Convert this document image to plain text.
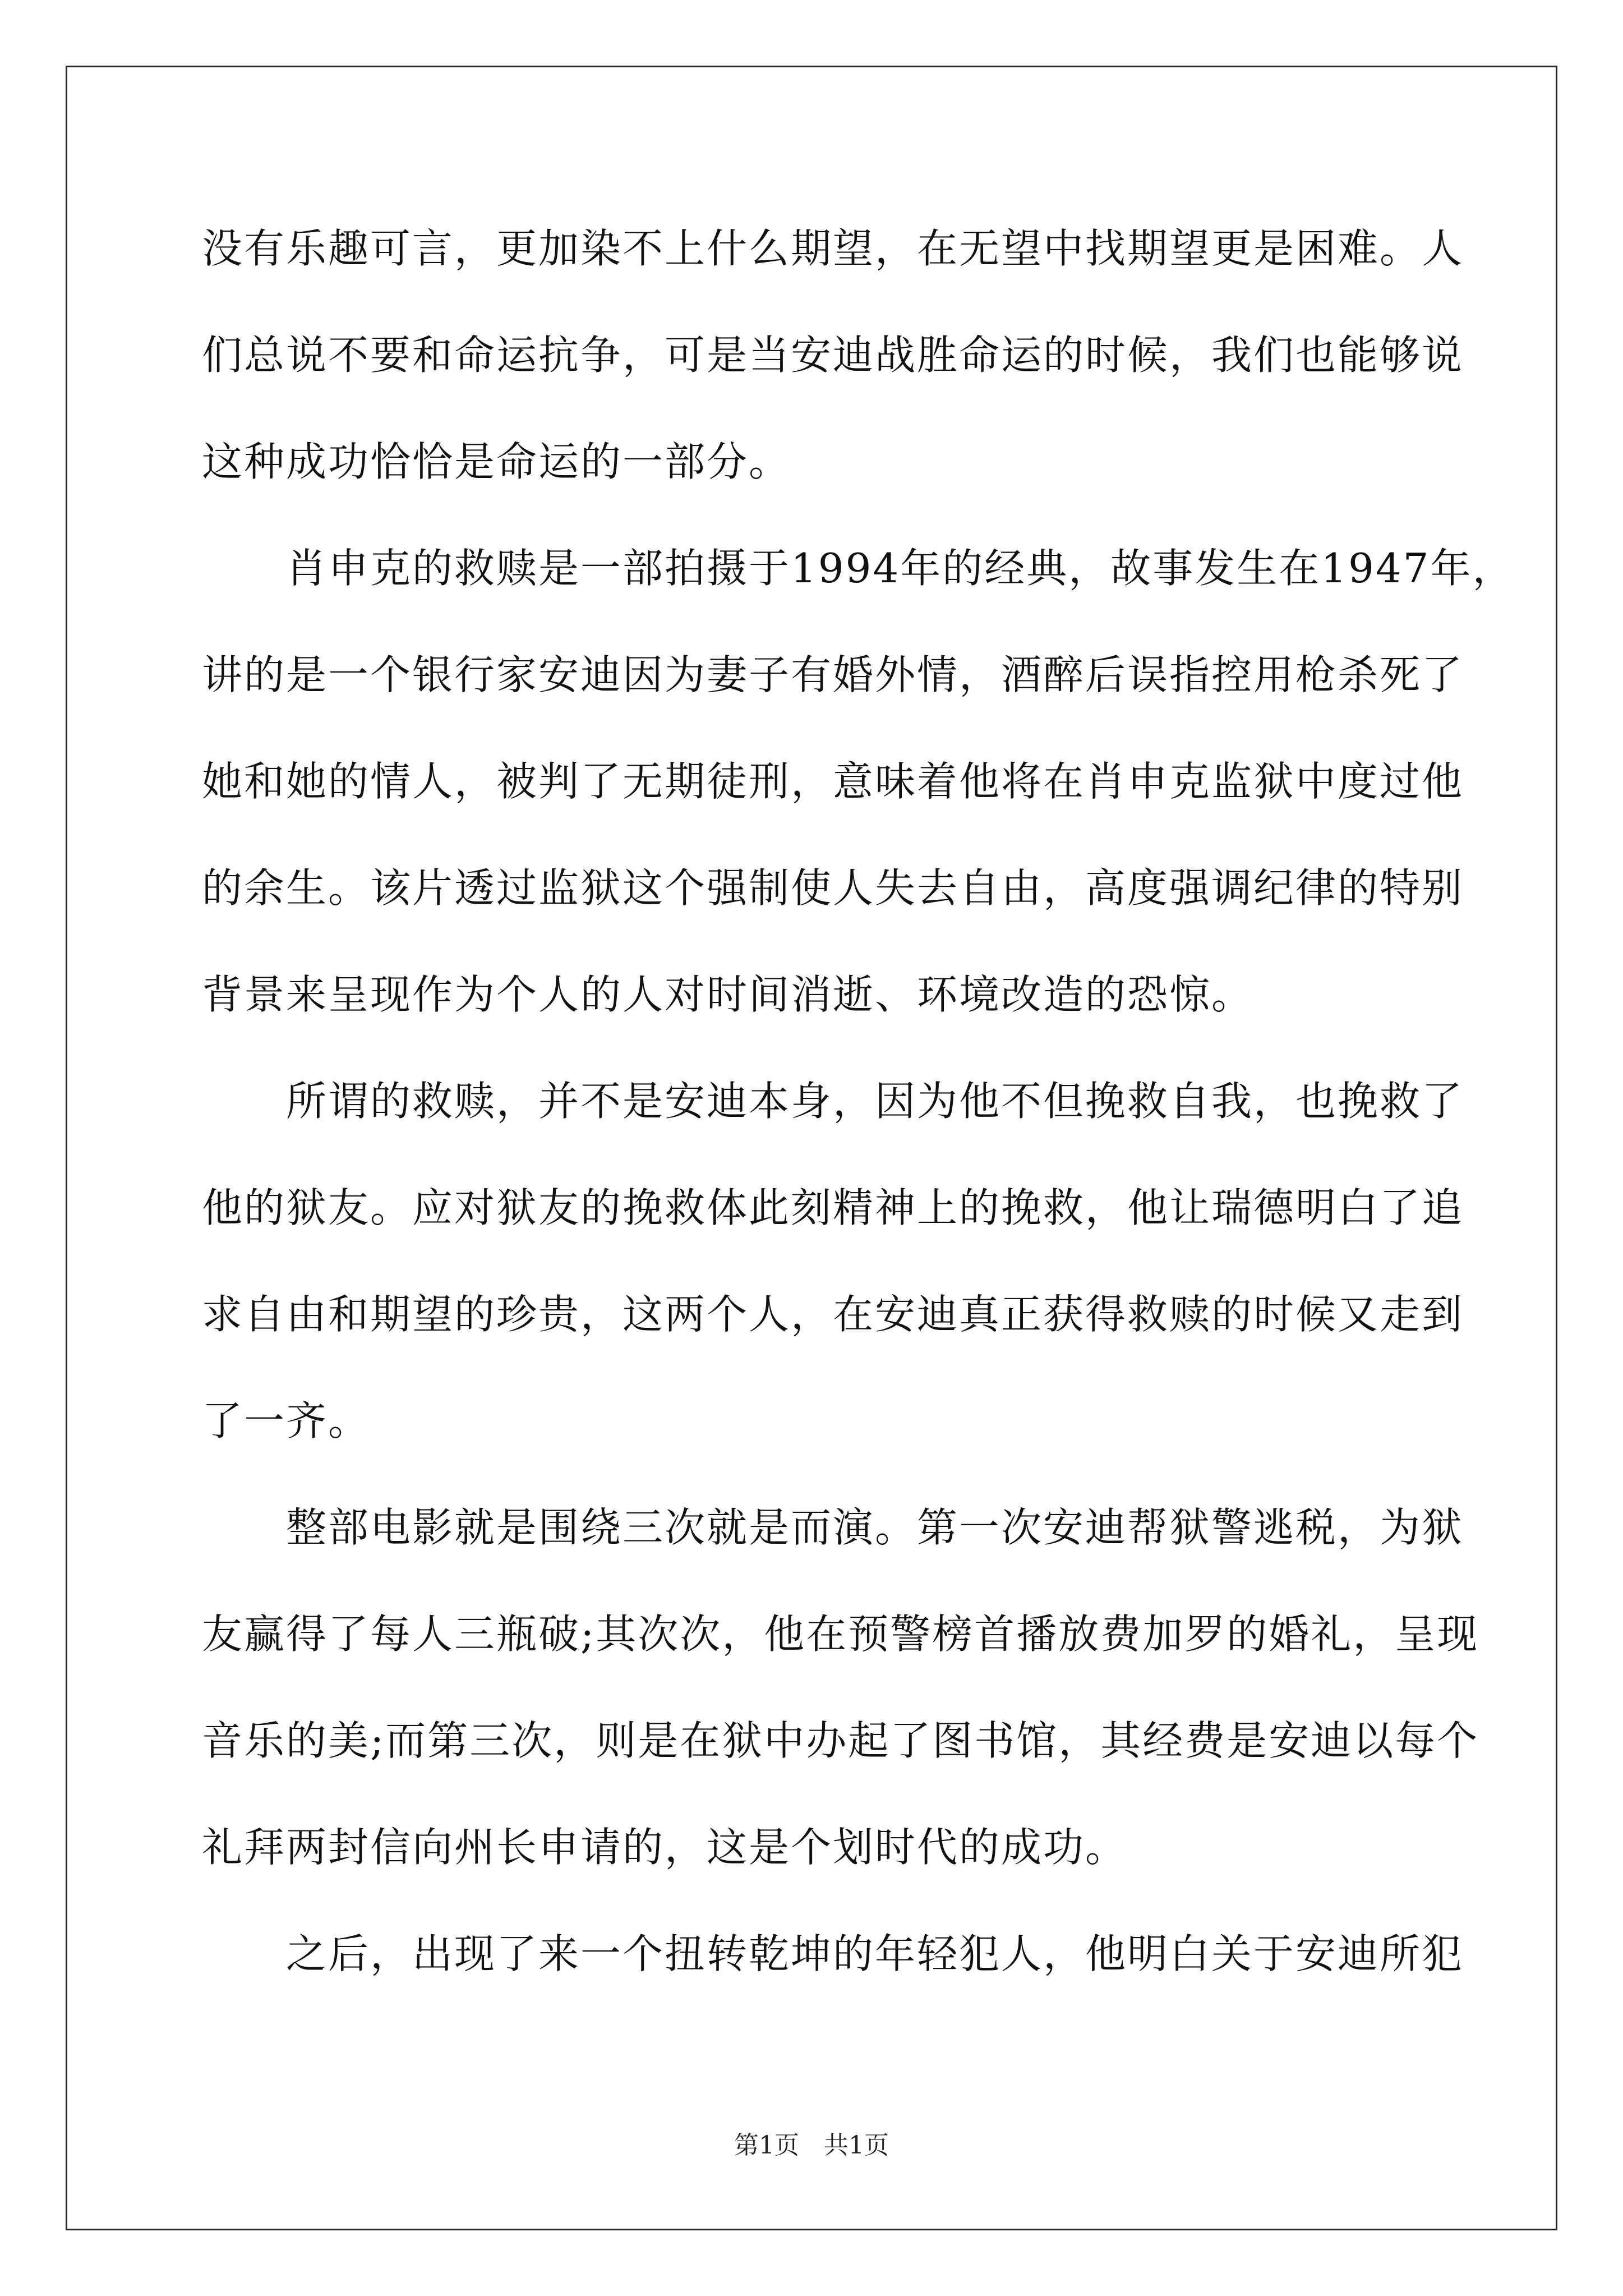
没有乐趣可言，更加染不上什么期望，在无望中找期望更是困难。人
们总说不要和命运抗争，可是当安迪战胜命运的时候，我们也能够说
这种成功恰恰是命运的一部分。
肖申克的救赎是一部拍摄于1994年的经典，故事发生在1947年，
讲的是一个银行家安迪因为妻子有婚外情，酒醉后误指控用枪杀死了
她和她的情人，被判了无期徒刑，意味着他将在肖申克监狱中度过他
的余生。该片透过监狱这个强制使人失去自由，高度强调纪律的特别
背景来呈现作为个人的人对时间消逝、环境改造的恐惊。
所谓的救赎，并不是安迪本身，因为他不但挽救自我，也挽救了
他的狱友。应对狱友的挽救体此刻精神上的挽救，他让瑞德明白了追
求自由和期望的珍贵，这两个人，在安迪真正获得救赎的时候又走到
了一齐。
整部电影就是围绕三次就是而演。第一次安迪帮狱警逃税，为狱
友赢得了每人三瓶破;其次次，他在预警榜首播放费加罗的婚礼，呈现
音乐的美;而第三次，则是在狱中办起了图书馆，其经费是安迪以每个
礼拜两封信向州长申请的，这是个划时代的成功。
之后，出现了来一个扭转乾坤的年轻犯人，他明白关于安迪所犯
第1页　共1页
